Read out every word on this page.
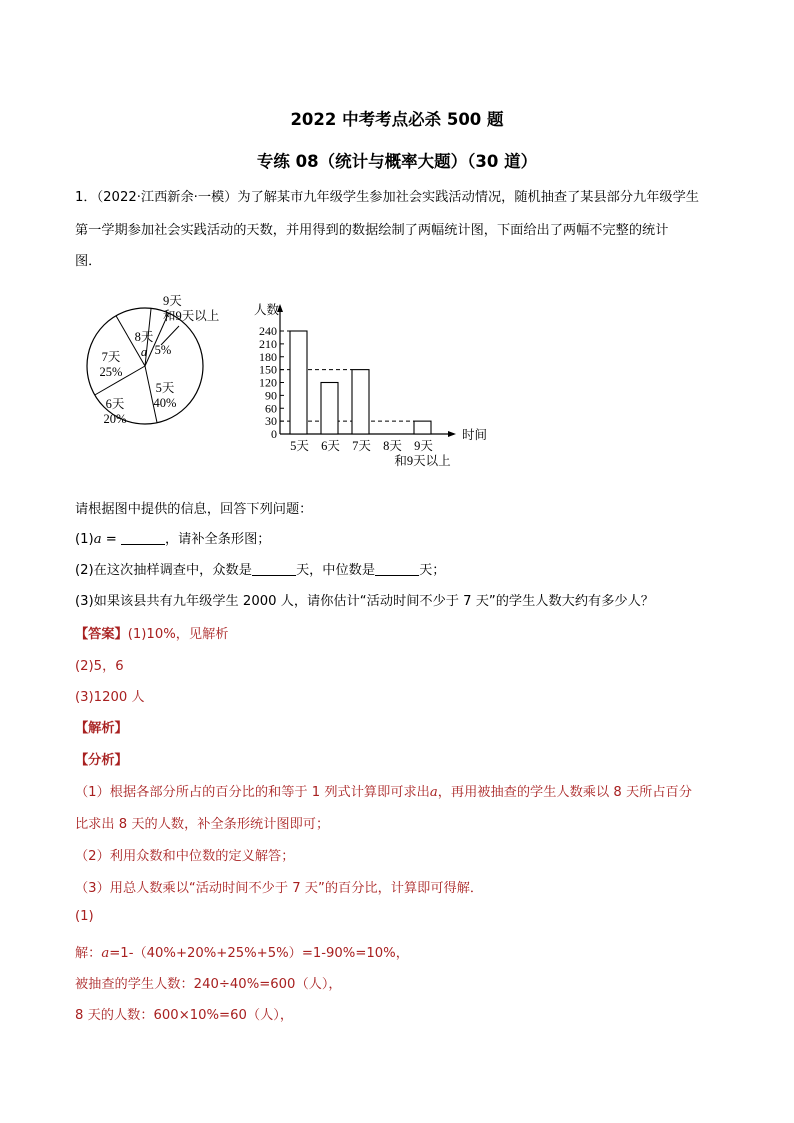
2022 中考考点必杀 500 题
专练 08（统计与概率大题）（30 道）
1．（2022·江西新余·一模）为了解某市九年级学生参加社会实践活动情况，随机抽查了某县部分九年级学生
第一学期参加社会实践活动的天数，并用得到的数据绘制了两幅统计图，下面给出了两幅不完整的统计
图．
5天
40%
6天
20%
7天
25%
8天
a 5%
9天
和9天以上
0
30
60
90
120
150
180
210
240
5天 6天 7天 8天 9天
和9天以上
人数
时间
请根据图中提供的信息，回答下列问题：
(1)a =	，请补全条形图；
(2)在这次抽样调查中，众数是	天，中位数是	天；
(3)如果该县共有九年级学生 2000 人，请你估计“活动时间不少于 7 天”的学生人数大约有多少人？
【答案】(1)10%，见解析
(2)5，6
(3)1200 人
【解析】
【分析】
（1）根据各部分所占的百分比的和等于 1 列式计算即可求出a，再用被抽查的学生人数乘以 8 天所占百分
比求出 8 天的人数，补全条形统计图即可；
（2）利用众数和中位数的定义解答；
（3）用总人数乘以“活动时间不少于 7 天”的百分比，计算即可得解．
(1)
解：a=1-（40%+20%+25%+5%）=1-90%=10%，
被抽查的学生人数：240÷40%=600（人），
8 天的人数：600×10%=60（人），
